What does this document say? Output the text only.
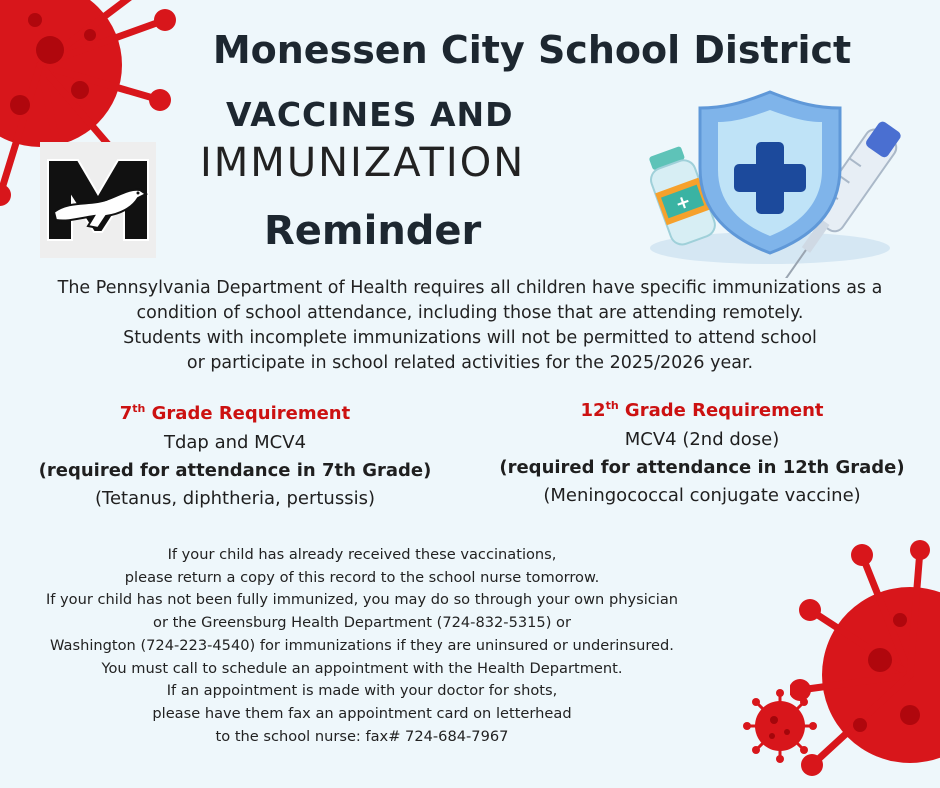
+
Monessen City School District
VACCINES AND
IMMUNIZATION
Reminder
The Pennsylvania Department of Health requires all children have specific immunizations as a
condition of school attendance, including those that are attending remotely.
Students with incomplete immunizations will not be permitted to attend school
or participate in school related activities for the 2025/2026 year.
7th Grade Requirement
Tdap and MCV4
(required for attendance in 7th Grade)
(Tetanus, diphtheria, pertussis)
12th Grade Requirement
MCV4 (2nd dose)
(required for attendance in 12th Grade)
(Meningococcal conjugate vaccine)
If your child has already received these vaccinations,
please return a copy of this record to the school nurse tomorrow.
If your child has not been fully immunized, you may do so through your own physician
or the Greensburg Health Department (724-832-5315) or
Washington (724-223-4540) for immunizations if they are uninsured or underinsured.
You must call to schedule an appointment with the Health Department.
If an appointment is made with your doctor for shots,
please have them fax an appointment card on letterhead
to the school nurse: fax# 724-684-7967
